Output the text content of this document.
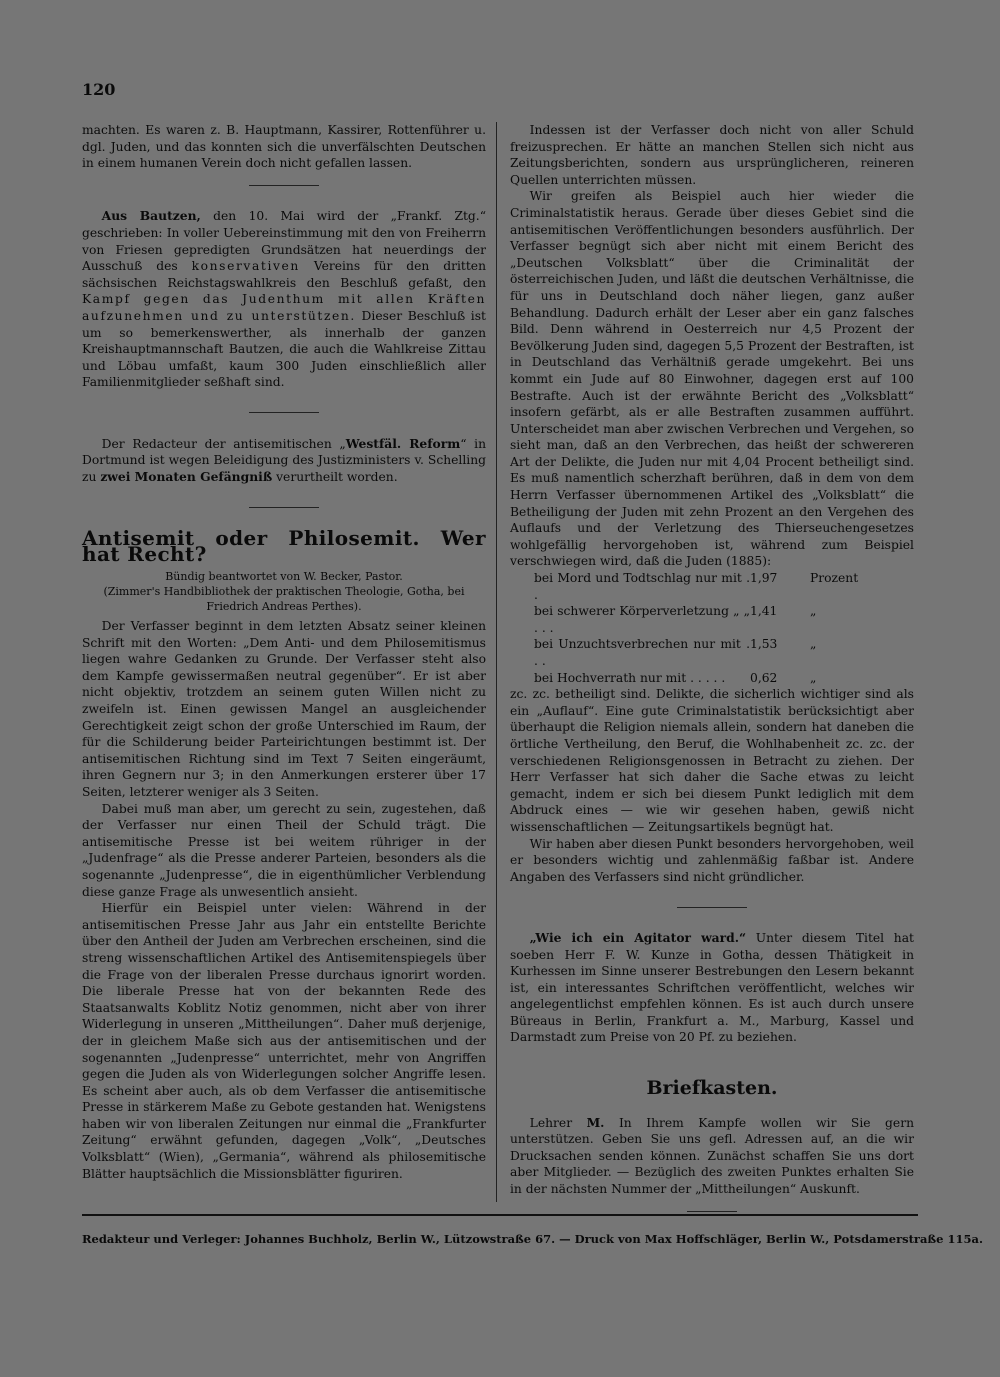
120

machten. Es waren z. B. Hauptmann, Kassirer, Rottenführer u. dgl. Juden, und das konnten sich die unverfälschten Deutschen in einem humanen Verein doch nicht gefallen lassen.

Aus Bautzen, den 10. Mai wird der „Frankf. Ztg.“ geschrieben: In voller Uebereinstimmung mit den von Freiherrn von Friesen gepredigten Grundsätzen hat neuerdings der Ausschuß des konservativen Vereins für den dritten sächsischen Reichstagswahlkreis den Beschluß gefaßt, den Kampf gegen das Judenthum mit allen Kräften aufzunehmen und zu unterstützen. Dieser Beschluß ist um so bemerkenswerther, als innerhalb der ganzen Kreishauptmannschaft Bautzen, die auch die Wahlkreise Zittau und Löbau umfaßt, kaum 300 Juden einschließlich aller Familienmitglieder seßhaft sind.

Der Redacteur der antisemitischen „Westfäl. Reform“ in Dortmund ist wegen Beleidigung des Justizministers v. Schelling zu zwei Monaten Gefängniß verurtheilt worden.

Antisemit oder Philosemit. Wer hat Recht?
Bündig beantwortet von W. Becker, Pastor.
(Zimmer's Handbibliothek der praktischen Theologie, Gotha, bei Friedrich Andreas Perthes).

Der Verfasser beginnt in dem letzten Absatz seiner kleinen Schrift mit den Worten: „Dem Anti- und dem Philosemitismus liegen wahre Gedanken zu Grunde. Der Verfasser steht also dem Kampfe gewissermaßen neutral gegenüber“. Er ist aber nicht objektiv, trotzdem an seinem guten Willen nicht zu zweifeln ist. Einen gewissen Mangel an ausgleichender Gerechtigkeit zeigt schon der große Unterschied im Raum, der für die Schilderung beider Parteirichtungen bestimmt ist. Der antisemitischen Richtung sind im Text 7 Seiten eingeräumt, ihren Gegnern nur 3; in den Anmerkungen ersterer über 17 Seiten, letzterer weniger als 3 Seiten.

Dabei muß man aber, um gerecht zu sein, zugestehen, daß der Verfasser nur einen Theil der Schuld trägt. Die antisemitische Presse ist bei weitem rühriger in der „Judenfrage“ als die Presse anderer Parteien, besonders als die sogenannte „Judenpresse“, die in eigenthümlicher Verblendung diese ganze Frage als unwesentlich ansieht.

Hierfür ein Beispiel unter vielen: Während in der antisemitischen Presse Jahr aus Jahr ein entstellte Berichte über den Antheil der Juden am Verbrechen erscheinen, sind die streng wissenschaftlichen Artikel des Antisemitenspiegels über die Frage von der liberalen Presse durchaus ignorirt worden. Die liberale Presse hat von der bekannten Rede des Staatsanwalts Koblitz Notiz genommen, nicht aber von ihrer Widerlegung in unseren „Mittheilungen“. Daher muß derjenige, der in gleichem Maße sich aus der antisemitischen und der sogenannten „Judenpresse“ unterrichtet, mehr von Angriffen gegen die Juden als von Widerlegungen solcher Angriffe lesen. Es scheint aber auch, als ob dem Verfasser die antisemitische Presse in stärkerem Maße zu Gebote gestanden hat. Wenigstens haben wir von liberalen Zeitungen nur einmal die „Frankfurter Zeitung“ erwähnt gefunden, dagegen „Volk“, „Deutsches Volksblatt“ (Wien), „Germania“, während als philosemitische Blätter hauptsächlich die Missionsblätter figuriren.

Indessen ist der Verfasser doch nicht von aller Schuld freizusprechen. Er hätte an manchen Stellen sich nicht aus Zeitungsberichten, sondern aus ursprünglicheren, reineren Quellen unterrichten müssen.

Wir greifen als Beispiel auch hier wieder die Criminalstatistik heraus. Gerade über dieses Gebiet sind die antisemitischen Veröffentlichungen besonders ausführlich. Der Verfasser begnügt sich aber nicht mit einem Bericht des „Deutschen Volksblatt“ über die Criminalität der österreichischen Juden, und läßt die deutschen Verhältnisse, die für uns in Deutschland doch näher liegen, ganz außer Behandlung. Dadurch erhält der Leser aber ein ganz falsches Bild. Denn während in Oesterreich nur 4,5 Prozent der Bevölkerung Juden sind, dagegen 5,5 Prozent der Bestraften, ist in Deutschland das Verhältniß gerade umgekehrt. Bei uns kommt ein Jude auf 80 Einwohner, dagegen erst auf 100 Bestrafte. Auch ist der erwähnte Bericht des „Volksblatt“ insofern gefärbt, als er alle Bestraften zusammen aufführt. Unterscheidet man aber zwischen Verbrechen und Vergehen, so sieht man, daß an den Verbrechen, das heißt der schwereren Art der Delikte, die Juden nur mit 4,04 Procent betheiligt sind. Es muß namentlich scherzhaft berühren, daß in dem von dem Herrn Verfasser übernommenen Artikel des „Volksblatt“ die Betheiligung der Juden mit zehn Prozent an den Vergehen des Auflaufs und der Verletzung des Thierseuchengesetzes wohlgefällig hervorgehoben ist, während zum Beispiel verschwiegen wird, daß die Juden (1885):

bei Mord und Todtschlag nur mit . .
1,97	Prozent
bei schwerer Körperverletzung „ „ . . .
1,41	„
bei Unzuchtsverbrechen nur mit . . .
1,53	„
bei Hochverrath nur mit . . . . .	0,62	„

zc. zc. betheiligt sind. Delikte, die sicherlich wichtiger sind als ein „Auflauf“. Eine gute Criminalstatistik berücksichtigt aber überhaupt die Religion niemals allein, sondern hat daneben die örtliche Vertheilung, den Beruf, die Wohlhabenheit zc. zc. der verschiedenen Religionsgenossen in Betracht zu ziehen. Der Herr Verfasser hat sich daher die Sache etwas zu leicht gemacht, indem er sich bei diesem Punkt lediglich mit dem Abdruck eines — wie wir gesehen haben, gewiß nicht wissenschaftlichen — Zeitungsartikels begnügt hat.

Wir haben aber diesen Punkt besonders hervorgehoben, weil er besonders wichtig und zahlenmäßig faßbar ist. Andere Angaben des Verfassers sind nicht gründlicher.

„Wie ich ein Agitator ward.“ Unter diesem Titel hat soeben Herr F. W. Kunze in Gotha, dessen Thätigkeit in Kurhessen im Sinne unserer Bestrebungen den Lesern bekannt ist, ein interessantes Schriftchen veröffentlicht, welches wir angelegentlichst empfehlen können. Es ist auch durch unsere Büreaus in Berlin, Frankfurt a. M., Marburg, Kassel und Darmstadt zum Preise von 20 Pf. zu beziehen.

Briefkasten.

Lehrer M. In Ihrem Kampfe wollen wir Sie gern unterstützen. Geben Sie uns gefl. Adressen auf, an die wir Drucksachen senden können. Zunächst schaffen Sie uns dort aber Mitglieder. — Bezüglich des zweiten Punktes erhalten Sie in der nächsten Nummer der „Mittheilungen“ Auskunft.

Redakteur und Verleger: Johannes Buchholz, Berlin W., Lützowstraße 67. — Druck von Max Hoffschläger, Berlin W., Potsdamerstraße 115a.
